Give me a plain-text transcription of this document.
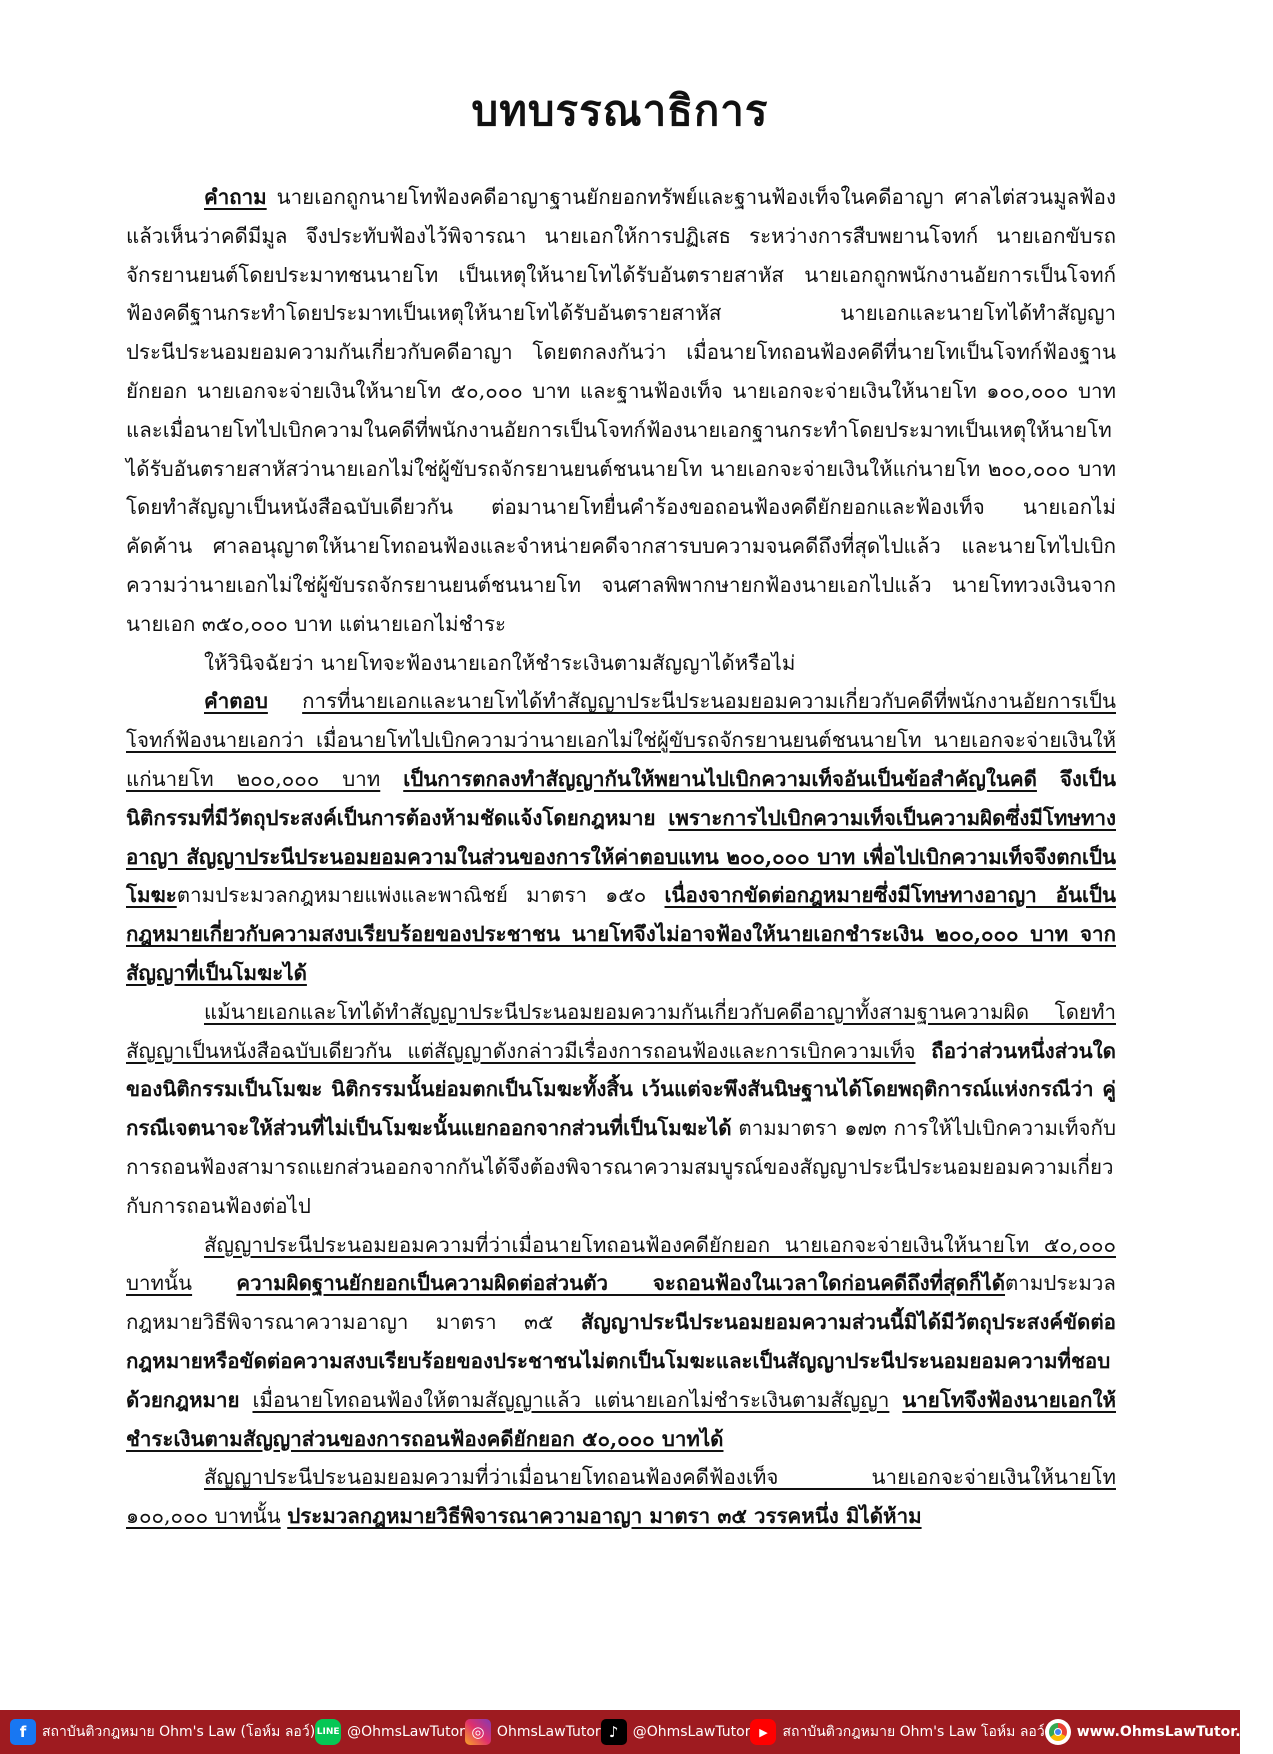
บทบรรณาธิการ

คำถาม นายเอกถูกนายโทฟ้องคดีอาญาฐานยักยอกทรัพย์และฐานฟ้องเท็จในคดีอาญา ศาลไต่สวนมูลฟ้องแล้วเห็นว่าคดีมีมูล จึงประทับฟ้องไว้พิจารณา นายเอกให้การปฏิเสธ ระหว่างการสืบพยานโจทก์ นายเอกขับรถจักรยานยนต์โดยประมาทชนนายโท เป็นเหตุให้นายโทได้รับอันตรายสาหัส นายเอกถูกพนักงานอัยการเป็นโจทก์ฟ้องคดีฐานกระทำโดยประมาทเป็นเหตุให้นายโทได้รับอันตรายสาหัส นายเอกและนายโทได้ทำสัญญาประนีประนอมยอมความกันเกี่ยวกับคดีอาญา โดยตกลงกันว่า เมื่อนายโทถอนฟ้องคดีที่นายโทเป็นโจทก์ฟ้องฐานยักยอก นายเอกจะจ่ายเงินให้นายโท ๕๐,๐๐๐ บาท และฐานฟ้องเท็จ นายเอกจะจ่ายเงินให้นายโท ๑๐๐,๐๐๐ บาท และเมื่อนายโทไปเบิกความในคดีที่พนักงานอัยการเป็นโจทก์ฟ้องนายเอกฐานกระทำโดยประมาทเป็นเหตุให้นายโทได้รับอันตรายสาหัสว่านายเอกไม่ใช่ผู้ขับรถจักรยานยนต์ชนนายโท นายเอกจะจ่ายเงินให้แก่นายโท ๒๐๐,๐๐๐ บาท โดยทำสัญญาเป็นหนังสือฉบับเดียวกัน ต่อมานายโทยื่นคำร้องขอถอนฟ้องคดียักยอกและฟ้องเท็จ นายเอกไม่คัดค้าน ศาลอนุญาตให้นายโทถอนฟ้องและจำหน่ายคดีจากสารบบความจนคดีถึงที่สุดไปแล้ว และนายโทไปเบิกความว่านายเอกไม่ใช่ผู้ขับรถจักรยานยนต์ชนนายโท จนศาลพิพากษายกฟ้องนายเอกไปแล้ว นายโททวงเงินจากนายเอก ๓๕๐,๐๐๐ บาท แต่นายเอกไม่ชำระ

ให้วินิจฉัยว่า นายโทจะฟ้องนายเอกให้ชำระเงินตามสัญญาได้หรือไม่

คำตอบ การที่นายเอกและนายโทได้ทำสัญญาประนีประนอมยอมความเกี่ยวกับคดีที่พนักงานอัยการเป็นโจทก์ฟ้องนายเอกว่า เมื่อนายโทไปเบิกความว่านายเอกไม่ใช่ผู้ขับรถจักรยานยนต์ชนนายโท นายเอกจะจ่ายเงินให้แก่นายโท ๒๐๐,๐๐๐ บาท เป็นการตกลงทำสัญญากันให้พยานไปเบิกความเท็จอันเป็นข้อสำคัญในคดี จึงเป็นนิติกรรมที่มีวัตถุประสงค์เป็นการต้องห้ามชัดแจ้งโดยกฎหมาย เพราะการไปเบิกความเท็จเป็นความผิดซึ่งมีโทษทางอาญา สัญญาประนีประนอมยอมความในส่วนของการให้ค่าตอบแทน ๒๐๐,๐๐๐ บาท เพื่อไปเบิกความเท็จจึงตกเป็นโมฆะตามประมวลกฎหมายแพ่งและพาณิชย์ มาตรา ๑๕๐ เนื่องจากขัดต่อกฎหมายซึ่งมีโทษทางอาญา อันเป็นกฎหมายเกี่ยวกับความสงบเรียบร้อยของประชาชน นายโทจึงไม่อาจฟ้องให้นายเอกชำระเงิน ๒๐๐,๐๐๐ บาท จากสัญญาที่เป็นโมฆะได้

แม้นายเอกและโทได้ทำสัญญาประนีประนอมยอมความกันเกี่ยวกับคดีอาญาทั้งสามฐานความผิด โดยทำสัญญาเป็นหนังสือฉบับเดียวกัน แต่สัญญาดังกล่าวมีเรื่องการถอนฟ้องและการเบิกความเท็จ ถือว่าส่วนหนึ่งส่วนใดของนิติกรรมเป็นโมฆะ นิติกรรมนั้นย่อมตกเป็นโมฆะทั้งสิ้น เว้นแต่จะพึงสันนิษฐานได้โดยพฤติการณ์แห่งกรณีว่า คู่กรณีเจตนาจะให้ส่วนที่ไม่เป็นโมฆะนั้นแยกออกจากส่วนที่เป็นโมฆะได้ ตามมาตรา ๑๗๓ การให้ไปเบิกความเท็จกับการถอนฟ้องสามารถแยกส่วนออกจากกันได้จึงต้องพิจารณาความสมบูรณ์ของสัญญาประนีประนอมยอมความเกี่ยวกับการถอนฟ้องต่อไป

สัญญาประนีประนอมยอมความที่ว่าเมื่อนายโทถอนฟ้องคดียักยอก นายเอกจะจ่ายเงินให้นายโท ๕๐,๐๐๐ บาทนั้น ความผิดฐานยักยอกเป็นความผิดต่อส่วนตัว จะถอนฟ้องในเวลาใดก่อนคดีถึงที่สุดก็ได้ตามประมวลกฎหมายวิธีพิจารณาความอาญา มาตรา ๓๕ สัญญาประนีประนอมยอมความส่วนนี้มิได้มีวัตถุประสงค์ขัดต่อกฎหมายหรือขัดต่อความสงบเรียบร้อยของประชาชนไม่ตกเป็นโมฆะและเป็นสัญญาประนีประนอมยอมความที่ชอบด้วยกฎหมาย เมื่อนายโทถอนฟ้องให้ตามสัญญาแล้ว แต่นายเอกไม่ชำระเงินตามสัญญา นายโทจึงฟ้องนายเอกให้ชำระเงินตามสัญญาส่วนของการถอนฟ้องคดียักยอก ๕๐,๐๐๐ บาทได้

สัญญาประนีประนอมยอมความที่ว่าเมื่อนายโทถอนฟ้องคดีฟ้องเท็จ นายเอกจะจ่ายเงินให้นายโท ๑๐๐,๐๐๐ บาทนั้น ประมวลกฎหมายวิธีพิจารณาความอาญา มาตรา ๓๕ วรรคหนึ่ง มิได้ห้าม

f	สถาบันติวกฎหมาย Ohm's Law (โอห์ม ลอว์) LINE @OhmsLawTutor ◎ OhmsLawTutor ♪	@OhmsLawTutor ▶	สถาบันติวกฎหมาย Ohm's Law โอห์ม ลอว์ www.OhmsLawTutor.com
